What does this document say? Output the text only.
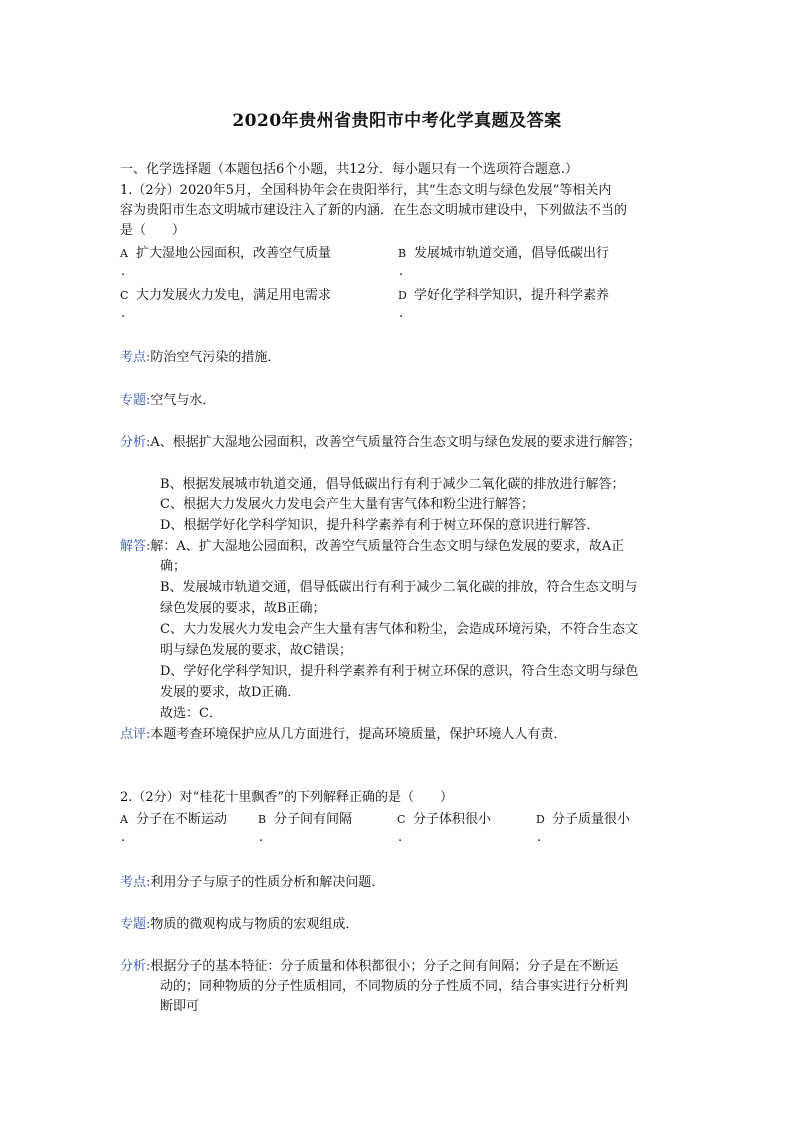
2020年贵州省贵阳市中考化学真题及答案
一、化学选择题（本题包括6个小题，共12分．每小题只有一个选项符合题意.）
1.（2分）2020年5月，全国科协年会在贵阳举行，其“生态文明与绿色发展”等相关内
容为贵阳市生态文明城市建设注入了新的内涵．在生态文明城市建设中，下列做法不当的
是（　　）
A 扩大湿地公园面积，改善空气质量
.
B 发展城市轨道交通，倡导低碳出行
.
C 大力发展火力发电，满足用电需求
.
D 学好化学科学知识，提升科学素养
.
考点:防治空气污染的措施．
专题:空气与水．
分析:A、根据扩大湿地公园面积，改善空气质量符合生态文明与绿色发展的要求进行解答；
B、根据发展城市轨道交通，倡导低碳出行有利于减少二氧化碳的排放进行解答；
C、根据大力发展火力发电会产生大量有害气体和粉尘进行解答；
D、根据学好化学科学知识，提升科学素养有利于树立环保的意识进行解答．
解答:解：A、扩大湿地公园面积，改善空气质量符合生态文明与绿色发展的要求，故A正
确；
B、发展城市轨道交通，倡导低碳出行有利于减少二氧化碳的排放，符合生态文明与
绿色发展的要求，故B正确；
C、大力发展火力发电会产生大量有害气体和粉尘，会造成环境污染，不符合生态文
明与绿色发展的要求，故C错误；
D、学好化学科学知识，提升科学素养有利于树立环保的意识，符合生态文明与绿色
发展的要求，故D正确．
故选：C．
点评:本题考查环境保护应从几方面进行，提高环境质量，保护环境人人有责．
2.（2分）对“桂花十里飘香”的下列解释正确的是（　　）
A 分子在不断运动
.
B 分子间有间隔
.
C 分子体积很小
.
D 分子质量很小
.
考点:利用分子与原子的性质分析和解决问题．
专题:物质的微观构成与物质的宏观组成．
分析:根据分子的基本特征：分子质量和体积都很小；分子之间有间隔；分子是在不断运
动的；同种物质的分子性质相同，不同物质的分子性质不同，结合事实进行分析判
断即可
